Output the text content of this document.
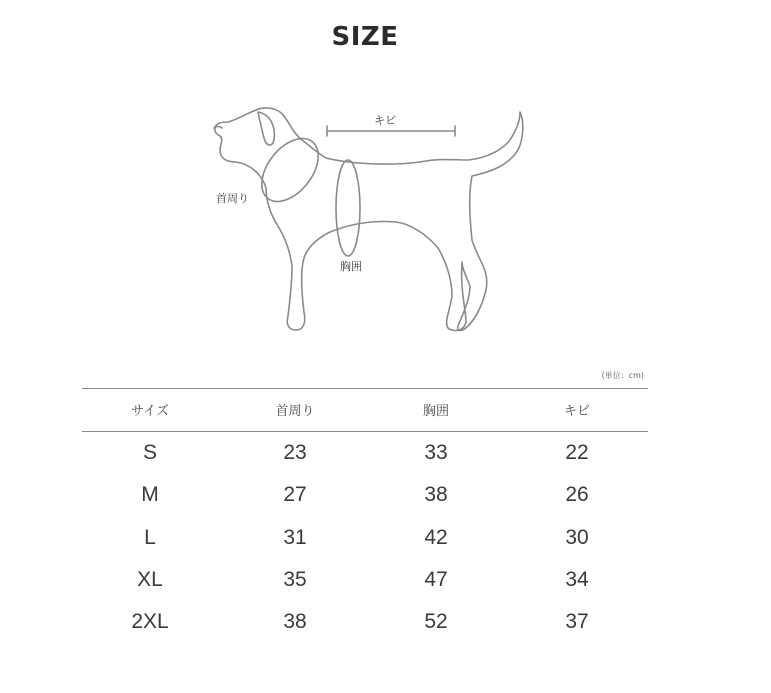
SIZE
キビ
首周り
胸囲
(単位：cm)
サイズ	首周り	胸囲	キビ
S	23	33	22
M	27	38	26
L	31	42	30
XL	35	47	34
2XL	38	52	37
